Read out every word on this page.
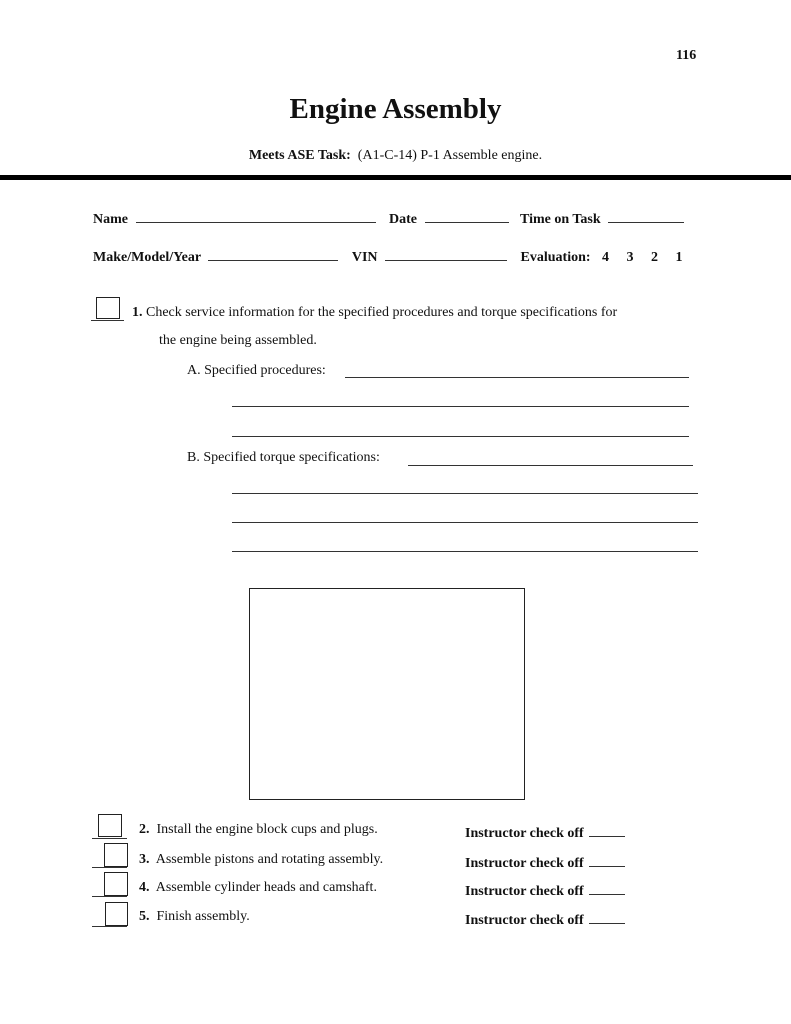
116
Engine Assembly
Meets ASE Task: (A1-C-14) P-1 Assemble engine.
Name	Date	Time on Task
Make/Model/Year	VIN	Evaluation: 4 3 2 1
1. Check service information for the specified procedures and torque specifications for
the engine being assembled.
A. Specified procedures:
B. Specified torque specifications:
2. Install the engine block cups and plugs.	Instructor check off
3. Assemble pistons and rotating assembly.	Instructor check off
4. Assemble cylinder heads and camshaft.	Instructor check off
5. Finish assembly.	Instructor check off
